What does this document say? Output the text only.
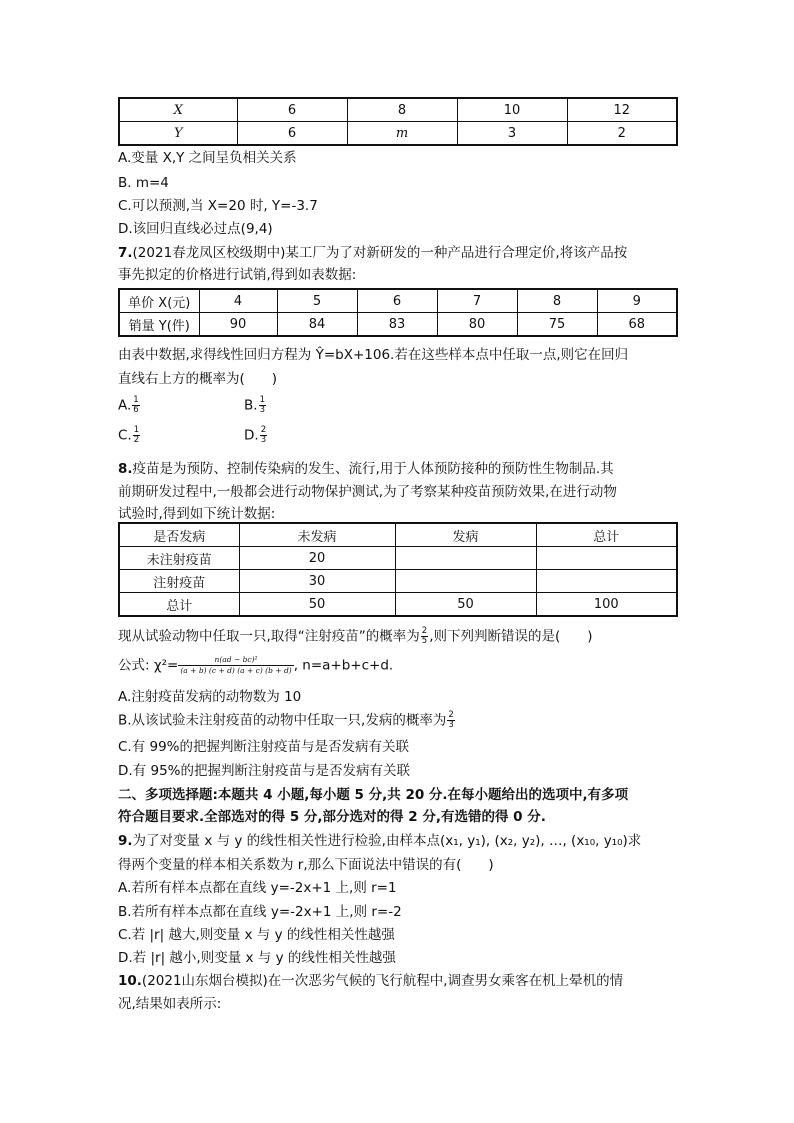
X	6	8	10	12
Y	6	m	3	2
A.变量 X,Y 之间呈负相关关系
B. m=4
C.可以预测,当 X=20 时, Y=-3.7
D.该回归直线必过点(9,4)
7.(2021春龙凤区校级期中)某工厂为了对新研发的一种产品进行合理定价,将该产品按
事先拟定的价格进行试销,得到如表数据:
单价 X(元)	4	5	6	7	8	9
销量 Y(件)	90	84	83	80	75	68
由表中数据,求得线性回归方程为 Ŷ=bX+106.若在这些样本点中任取一点,则它在回归
直线右上方的概率为(　　)
A. $\frac{1}{6}$	B. $\frac{1}{3}$
C. $\frac{1}{2}$	D. $\frac{2}{3}$
8.疫苗是为预防、控制传染病的发生、流行,用于人体预防接种的预防性生物制品.其
前期研发过程中,一般都会进行动物保护测试,为了考察某种疫苗预防效果,在进行动物
试验时,得到如下统计数据:
是否发病	未发病	发病	总计
未注射疫苗	20		
注射疫苗	30		
总计	50	50	100
现从试验动物中任取一只,取得“注射疫苗”的概率为 $\frac{2}{5}$ ,则下列判断错误的是(　　)
公式: $\chi^2= \frac{\text{n(ad − bc)²}}{(a + b) (c + d) (a + c) (b + d)}$ , n=a+b+c+d.
A.注射疫苗发病的动物数为 10
B.从该试验未注射疫苗的动物中任取一只,发病的概率为 $\frac{2}{3}$
C.有 99%的把握判断注射疫苗与是否发病有关联
D.有 95%的把握判断注射疫苗与是否发病有关联
二、多项选择题:本题共 4 小题,每小题 5 分,共 20 分.在每小题给出的选项中,有多项
符合题目要求.全部选对的得 5 分,部分选对的得 2 分,有选错的得 0 分.
9.为了对变量 x 与 y 的线性相关性进行检验,由样本点(x₁, y₁), (x₂, y₂), …, (x₁₀, y₁₀)求
得两个变量的样本相关系数为 r,那么下面说法中错误的有(　　)
A.若所有样本点都在直线 y=-2x+1 上,则 r=1
B.若所有样本点都在直线 y=-2x+1 上,则 r=-2
C.若 |r| 越大,则变量 x 与 y 的线性相关性越强
D.若 |r| 越小,则变量 x 与 y 的线性相关性越强
10.(2021山东烟台模拟)在一次恶劣气候的飞行航程中,调查男女乘客在机上晕机的情
况,结果如表所示:
